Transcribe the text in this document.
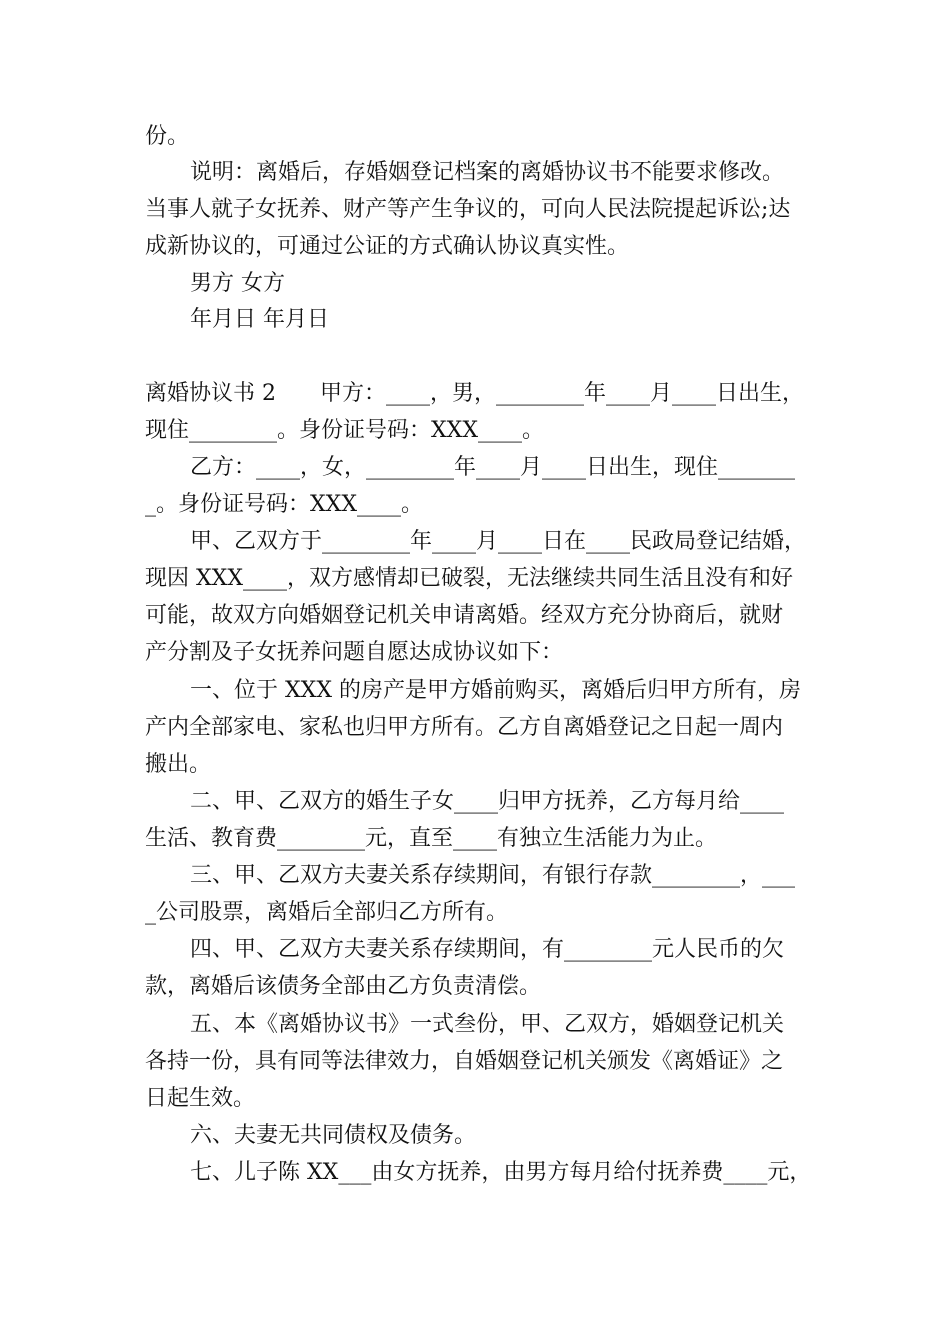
份。
说明：离婚后，存婚姻登记档案的离婚协议书不能要求修改。
当事人就子女抚养、财产等产生争议的，可向人民法院提起诉讼;达
成新协议的，可通过公证的方式确认协议真实性。
男方 女方
年月日 年月日
离婚协议书 2　　甲方：____，男，________年____月____日出生，
现住________。身份证号码：XXX____。
乙方：____，女，________年____月____日出生，现住_______
_。身份证号码：XXX____。
甲、乙双方于________年____月____日在____民政局登记结婚，
现因 XXX____，双方感情却已破裂，无法继续共同生活且没有和好
可能，故双方向婚姻登记机关申请离婚。经双方充分协商后，就财
产分割及子女抚养问题自愿达成协议如下：
一、位于 XXX 的房产是甲方婚前购买，离婚后归甲方所有，房
产内全部家电、家私也归甲方所有。乙方自离婚登记之日起一周内
搬出。
二、甲、乙双方的婚生子女____归甲方抚养，乙方每月给____
生活、教育费________元，直至____有独立生活能力为止。
三、甲、乙双方夫妻关系存续期间，有银行存款________，___
_公司股票，离婚后全部归乙方所有。
四、甲、乙双方夫妻关系存续期间，有________元人民币的欠
款，离婚后该债务全部由乙方负责清偿。
五、本《离婚协议书》一式叁份，甲、乙双方，婚姻登记机关
各持一份，具有同等法律效力，自婚姻登记机关颁发《离婚证》之
日起生效。
六、夫妻无共同债权及债务。
七、儿子陈 XX___由女方抚养，由男方每月给付抚养费____元，
